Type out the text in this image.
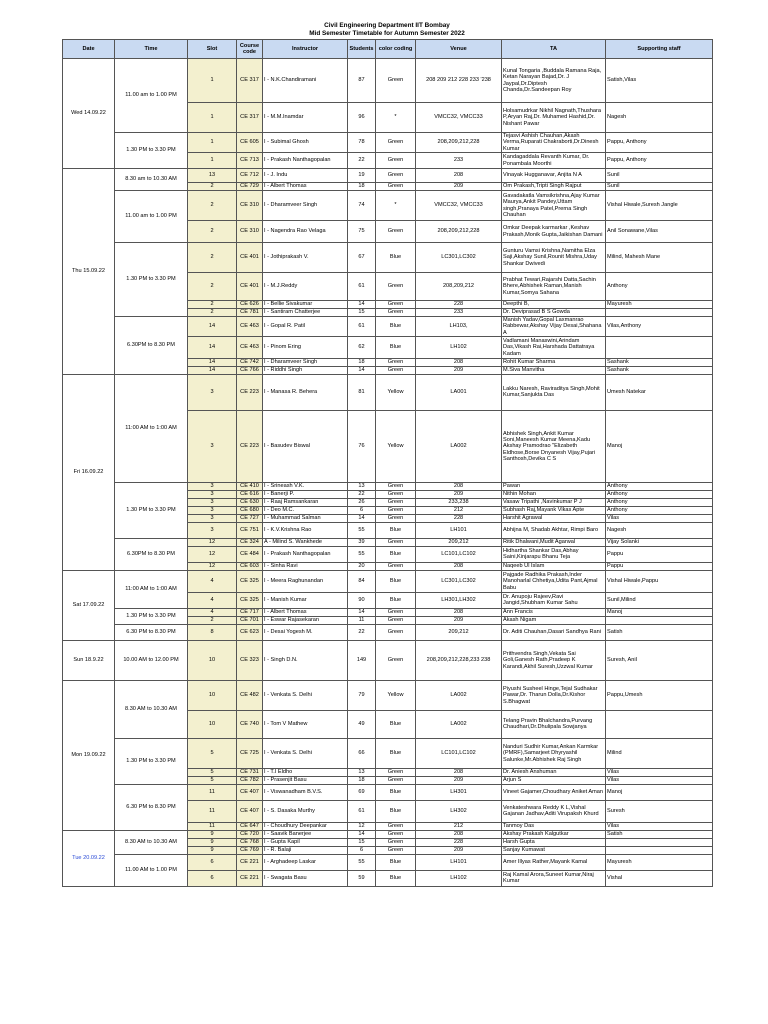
Civil Engineering Department IIT Bombay
Mid Semester Timetable for Autumn Semester 2022
Date	Time	Slot	Course code	Instructor	Students	color coding	Venue	TA	Supporting staff
Wed 14.09.22	11.00 am to 1.00 PM	1	CE 317	I - N.K.Chandiramani	87	Green	208 209 212 228 233 '238	Kunal Tongaria ,Buddala Ramana Raja, Ketan Narayan Bajad,Dr. J Jaypal,Dr.Diptesh Chanda,Dr.Sandeepan Roy	Satish,Vilas
		1	CE 317	I - M.M.Inamdar	96	*	VMCC32, VMCC33	Holsamudrkar Nikhil Nagnath,Thushara P,Aryan Raj,Dr. Muhamed Hashid,Dr. Nishant Pawar	Nagesh
	1.30 PM to 3.30 PM	1	CE 605	I - Subimal Ghosh	78	Green	208,209,212,228	Tejasvi Ashish Chauhan,Akash Verma,Ruparati Chakraborti,Dr.Dinesh Kumar	Pappu, Anthony
		1	CE 713	I - Prakash Nanthagopalan	22	Green	233	Kandagaddala Revanth Kumar, Dr. Ponambala Moorthi	Pappu, Anthony
Thu 15.09.22	8.30 am to 10.30 AM	13	CE 712	I - J. Indu	19	Green	208	Vinayak Hugganavar, Anjita N A	Sunil
		2	CE 729	I - Albert Thomas	18	Green	209	Om Prakash,Tripti Singh Rajput	Sunil
	11.00 am to 1.00 PM	2	CE 310	I - Dharamveer Singh	74	*	VMCC32, VMCC33	Gavadakatla Vamsikrishna,Ajay Kumar Maurya,Ankit Pandey,Uttam singh,Pranaya Patel,Prerna Singh Chauhan	Vishal Hiwale,Suresh Jangle
		2	CE 310	I - Nagendra Rao Velaga	75	Green	208,209,212,228	Omkar Deepak karmarkar ,Keshav Prakash,Monik Gupta,Jaikishan Damani	Anil Sonawane,Vilas
	1.30 PM to 3.30 PM	2	CE 401	I - Jothiprakash V.	67	Blue	LC301,LC302	Gunturu Vamsi Krishna,Namitha Elza Saji,Akshay Sunil,Rounit Mishra,Uday Shankar Dwivedi	Milind, Mahesh Mane
		2	CE 401	I - M.J.Reddy	61	Green	208,209,212	Prabhat Tewari,Rajarshi Datta,Sachin Bhere,Abhishek Raman,Manish Kumar,Somya Sahana	Anthony
		2	CE 626	I - Bellie Sivakumar	14	Green	228	Deepthi B,	Mayuresh
		2	CE 781	I - Santiram Chatterjee	15	Green	233	Dr. Deviprasad B S Gowda	
	6.30PM to 8.30 PM	14	CE 463	I - Gopal R. Patil	61	Blue	LH103,	Manish Yadav,Gopal Laxmanrao Rabbewar,Akshay Vijay Desai,Shahana A	Vilas,Anthony
		14	CE 463	I - Pinom Ering	62	Blue	LH102	Vadlamani Manaswini,Arindam Das,Vikash Rai,Harshada Dattatraya Kadam	
		14	CE 742	I - Dharamveer Singh	18	Green	208	Rohit Kumar Sharma	Sashank
		14	CE 766	I - Riddhi Singh	14	Green	209	M.Siva Manvitha	Sashank
Fri 16.09.22	11:00 AM to 1:00 AM	3	CE 223	I - Manasa R. Behera	81	Yellow	LA001	Lakku Naresh, Raviraditya Singh,Mohit Kumar,Sanjukta Das	Umesh Natekar
		3	CE 223	I - Basudev Biswal	76	Yellow	LA002	Abhishek Singh,Ankit Kumar Soni,Maneesh Kumar Meena,Kadu Akshay Pramodrao "Elizabeth Eldhose,Borse Dnyanesh Vijay,Pujari Santhosh,Devika C S	Manoj
	1.30 PM to 3.30 PM	3	CE 410	I - Srineash V.K.	13	Green	208	Pawan	Anthony
		3	CE 616	I - Banerji P.	22	Green	209	Nithin Mohan	Anthony
		3	CE 630	I - Raaj Ramsankaran	26	Green	233,238	Vasaw Tripathi ,Navinkumar P J	Anthony
		3	CE 680	I - Deo M.C.	6	Green	212	Subhash Raj,Mayank Vikas Apte	Anthony
		3	CE 727	I - Muhammad Salman	14	Green	228	Harshit Agrawal	Vilas
		3	CE 751	I - K.V.Krishna Rao	55	Blue	LH101	Abhijna M, Shadab Akhtar, Rimpi Baro	Nagesh
	6.30PM to 8.30 PM	12	CE 324	A - Milind S. Wankhede	39	Green	209,212	Ritik Dhalwani,Mudit Agarwal	Vijay Solanki
		12	CE 484	I - Prakash Nanthagopalan	55	Blue	LC101,LC102	Hidhartha Shankar Das,Abhay Saini,Kinjarapu Bhanu Teja	Pappu
		12	CE 603	I - Sinha Ravi	20	Green	208	Naqeeb Ul Islam	Pappu
Sat 17.09.22	11:00 AM to 1:00 AM	4	CE 325	I - Meera Raghunandan	84	Blue	LC301,LC302	Pajgade Radhika Prakash,Inder Manoharlal Chhetiya,Udita Pant,Ajmal Babu	Vishal Hiwale,Pappu
		4	CE 325	I - Manish Kumar	90	Blue	LH301,LH302	Dr. Anupoju Rajeev,Ravi Jangid,Shubham Kumar Sahu	Sunil,Milind
	1.30 PM to 3.30 PM	4	CE 717	I - Albert Thomas	14	Green	208	Ann Francis	Manoj
		2	CE 701	I - Eswar Rajasekaran	11	Green	209	Akash Nigam	
	6.30 PM to 8.30 PM	8	CE 623	I - Desai Yogesh M.	22	Green	209,212	Dr. Aditi Chauhan,Dasari Sandhya Rani	Satish
Sun 18.9.22	10.00 AM to 12.00 PM	10	CE 323	I - Singh D.N.	149	Green	208,209,212,228,233 238	Prithvendra Singh,Vekata Sai Goli,Ganesh Rath,Pradeep K Karandi,Akhil Suresh,Uzzwal Kumar	Suresh, Anil
Mon 19.09.22	8.30 AM to 10.30 AM	10	CE 482	I - Venkata S. Delhi	79	Yellow	LA002	Piyushi Susheel Hinge,Tejal Sudhakar Pawar,Dr. Tharun Dolla,Dr.Kishor S.Bhagwat	Pappu,Umesh
		10	CE 740	I - Tom V Mathew	49	Blue	LA002	Telang Pravin Bhalchandra,Purvang Chaudhari,Dr.Dhulipala Sowjanya	
	1.30 PM to 3.30 PM	5	CE 725	I - Venkata S. Delhi	66	Blue	LC101,LC102	Nanduri Sudhir Kumar,Ankan Karmkar (PMRF),Samarjeet Dhyryashil Salunke,Mr.Abhishek Raj Singh	Milind
		5	CE 731	I - T.I Eldho	13	Green	208	Dr. Aniesh Anshuman	Vilas
		5	CE 782	I - Prasenjit Basu	18	Green	209	Arjun S	Vilas
	6.30 PM to 8.30 PM	11	CE 407	I - Viswanadham B.V.S.	69	Blue	LH301	Vineet Gajamer,Choudhary Aniket Aman	Manoj
		11	CE 407	I - S. Dasaka Murthy	61	Blue	LH302	Venkateshwara Reddy K L,Vishal Gajanan Jadhav,Aditi Virupaksh Khurd	Suresh
		11	CE 647	I - Choudhury Deepankar	12	Green	212	Tanmoy Das	Vilas
Tue 20.09.22	8.30 AM to 10.30 AM	9	CE 720	I - Saavik Banerjee	14	Green	208	Akshay Prakash Kalgutkar	Satish
		9	CE 768	I - Gupta Kapil	15	Green	228	Harsh Gupta	
		9	CE 769	I - R. Balaji	6	Green	209	Sanjay Kumawat	
	11.00 AM to 1.00 PM	6	CE 221	I - Arghadeep Laskar	55	Blue	LH101	Amer Illyas Rather,Mayank Kamal	Mayuresh
		6	CE 221	I - Swagata Basu	59	Blue	LH102	Raj Kamal Arora,Suneet Kumar,Niraj Kumar	Vishal
